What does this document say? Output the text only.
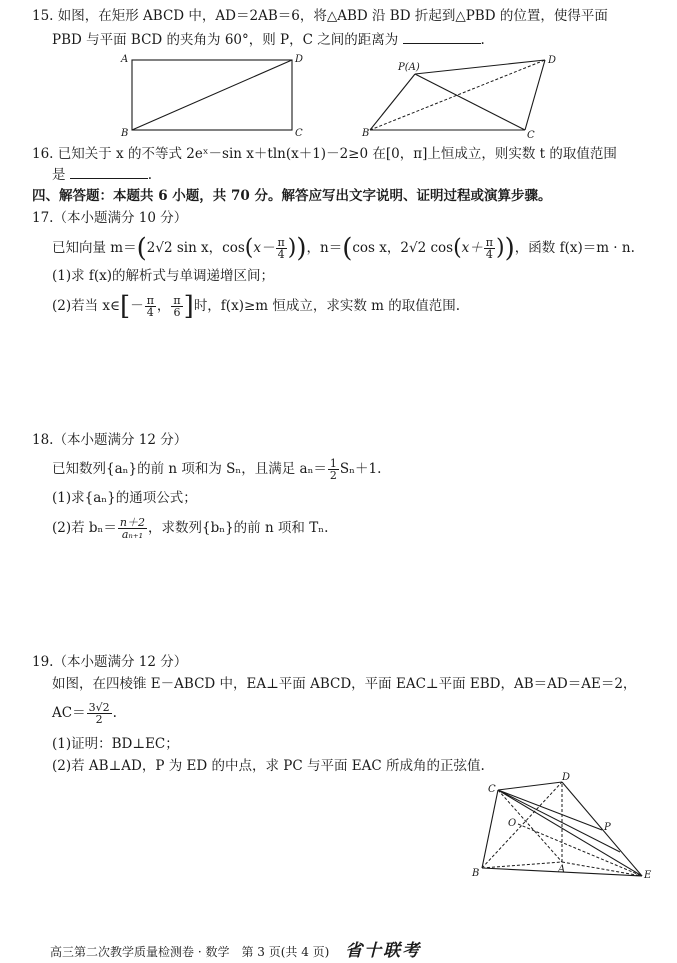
15. 如图，在矩形 ABCD 中，AD＝2AB＝6，将△ABD 沿 BD 折起到△PBD 的位置，使得平面
PBD 与平面 BCD 的夹角为 60°，则 P，C 之间的距离为	.
A	D
B	C
P(A)
D
B	C
16. 已知关于 x 的不等式 2eˣ－sin x＋tln(x＋1)－2≥0 在[0，π]上恒成立，则实数 t 的取值范围
是	.
四、解答题：本题共 6 小题，共 70 分。解答应写出文字说明、证明过程或演算步骤。
17.（本小题满分 10 分）
已知向量 m＝(2√2 sin x，$\cos(x- \frac{\pi}{4}$ ))，n＝(cos x，2√2 $\cos(x+ \frac{\pi}{4}$ ))，函数 f(x)＝m · n.
(1)求 f(x)的解析式与单调递增区间；
(2)若当 x∈[－ $\frac{\pi}{4}$ ， $\frac{\pi}{6}$ ]时，f(x)≥m 恒成立，求实数 m 的取值范围.
18.（本小题满分 12 分）
已知数列{aₙ}的前 n 项和为 Sₙ，且满足 $a_n= \frac{1}{2} S_n+1$.
(1)求{aₙ}的通项公式；
(2)若 $b_n= \frac{n+2}{\text{aₙ₊₁}}$ ，求数列{bₙ}的前 n 项和 Tₙ.
19.（本小题满分 12 分）
如图，在四棱锥 E－ABCD 中，EA⊥平面 ABCD，平面 EAC⊥平面 EBD，AB＝AD＝AE＝2，
$AC= \frac{3√2}{2}$ .
(1)证明：BD⊥EC；
(2)若 AB⊥AD，P 为 ED 的中点，求 PC 与平面 EAC 所成角的正弦值.
C
D
O	P
B	A
E
高三第二次教学质量检测卷 · 数学　第 3 页(共 4 页) 省十联考
